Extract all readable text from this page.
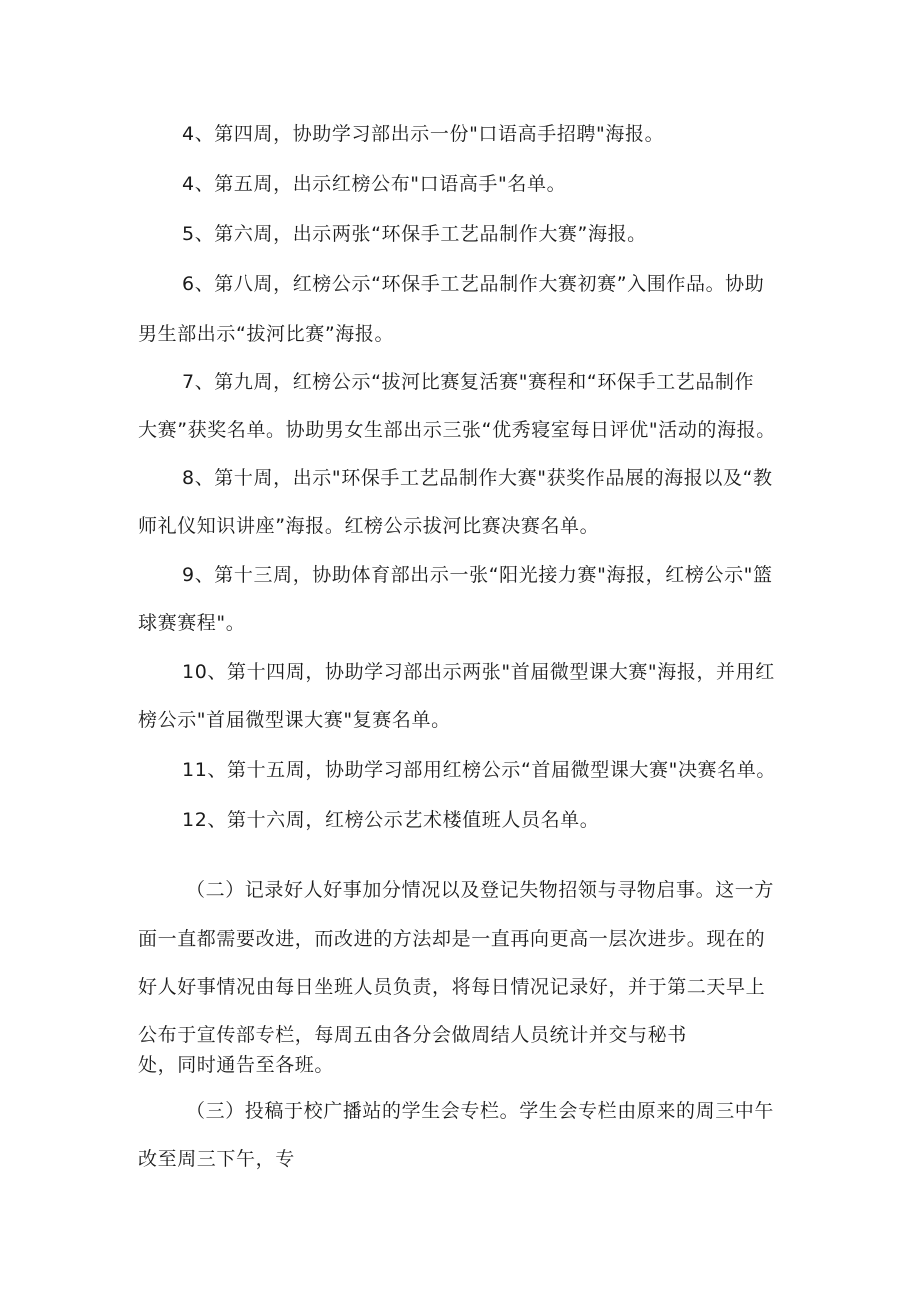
4、第四周，协助学习部出示一份"口语高手招聘"海报。
4、第五周，出示红榜公布"口语高手"名单。
5、第六周，出示两张“环保手工艺品制作大赛”海报。
6、第八周，红榜公示“环保手工艺品制作大赛初赛”入围作品。协助
男生部出示“拔河比赛”海报。
7、第九周，红榜公示“拔河比赛复活赛"赛程和“环保手工艺品制作
大赛”获奖名单。协助男女生部出示三张“优秀寝室每日评优"活动的海报。
8、第十周，出示"环保手工艺品制作大赛"获奖作品展的海报以及“教
师礼仪知识讲座”海报。红榜公示拔河比赛决赛名单。
9、第十三周，协助体育部出示一张“阳光接力赛"海报，红榜公示"篮
球赛赛程"。
10、第十四周，协助学习部出示两张"首届微型课大赛"海报，并用红
榜公示"首届微型课大赛"复赛名单。
11、第十五周，协助学习部用红榜公示“首届微型课大赛"决赛名单。
12、第十六周，红榜公示艺术楼值班人员名单。
（二）记录好人好事加分情况以及登记失物招领与寻物启事。这一方
面一直都需要改进，而改进的方法却是一直再向更高一层次进步。现在的
好人好事情况由每日坐班人员负责，将每日情况记录好，并于第二天早上
公布于宣传部专栏，每周五由各分会做周结人员统计并交与秘书
处，同时通告至各班。
（三）投稿于校广播站的学生会专栏。学生会专栏由原来的周三中午
改至周三下午，专
